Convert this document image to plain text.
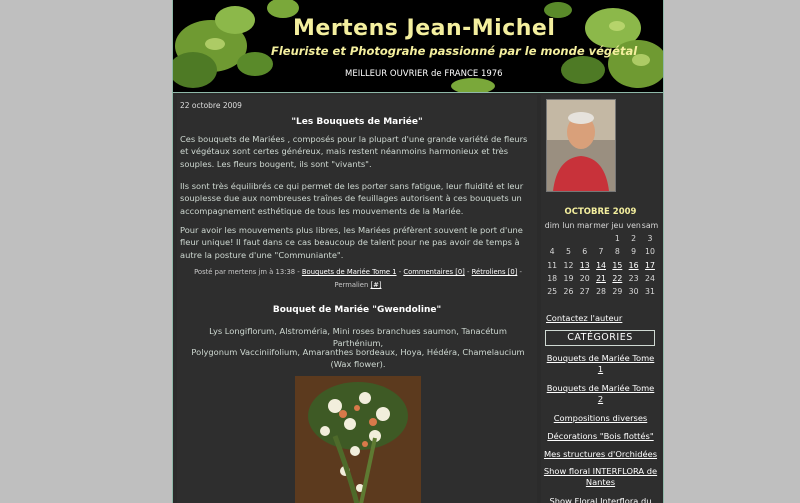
Mertens Jean-Michel
Fleuriste et Photograhe passionné par le monde végétal
MEILLEUR OUVRIER de FRANCE 1976
22 octobre 2009
"Les Bouquets de Mariée"

Ces bouquets de Mariées , composés pour la plupart d'une grande variété de fleurs et végétaux sont certes généreux, mais restent néanmoins harmonieux et très souples. Les fleurs bougent, ils sont "vivants".

Ils sont très équilibrés ce qui permet de les porter sans fatigue, leur fluidité et leur souplesse due aux nombreuses traînes de feuillages autorisent à ces bouquets un accompagnement esthétique de tous les mouvements de la Mariée.

Pour avoir les mouvements plus libres, les Mariées préfèrent souvent le port d'une fleur unique! Il faut dans ce cas beaucoup de talent pour ne pas avoir de temps à autre la posture d'une "Communiante".

Posté par mertens jm à 13:38 - Bouquets de Mariée Tome 1 - Commentaires [0] - Rétroliens [0] -
Permalien [#]
Bouquet de Mariée "Gwendoline"

Lys Longiflorum, Alstroméria, Mini roses branchues saumon, Tanacétum Parthénium,

Polygonum Vacciniifolium, Amaranthes bordeaux, Hoya, Hédéra, Chamelaucium (Wax flower).

OCTOBRE 2009
dim	lun	mar	mer	jeu	ven	sam
				1	2	3
4	5	6	7	8	9	10
11	12	13	14	15	16	17
18	19	20	21	22	23	24
25	26	27	28	29	30	31
Contactez l'auteur
CATÉGORIES
Bouquets de Mariée Tome 1
Bouquets de Mariée Tome 2
Compositions diverses
Décorations "Bois flottés"
Mes structures d'Orchidées
Show floral INTERFLORA de Nantes
Show Floral Interflora du
